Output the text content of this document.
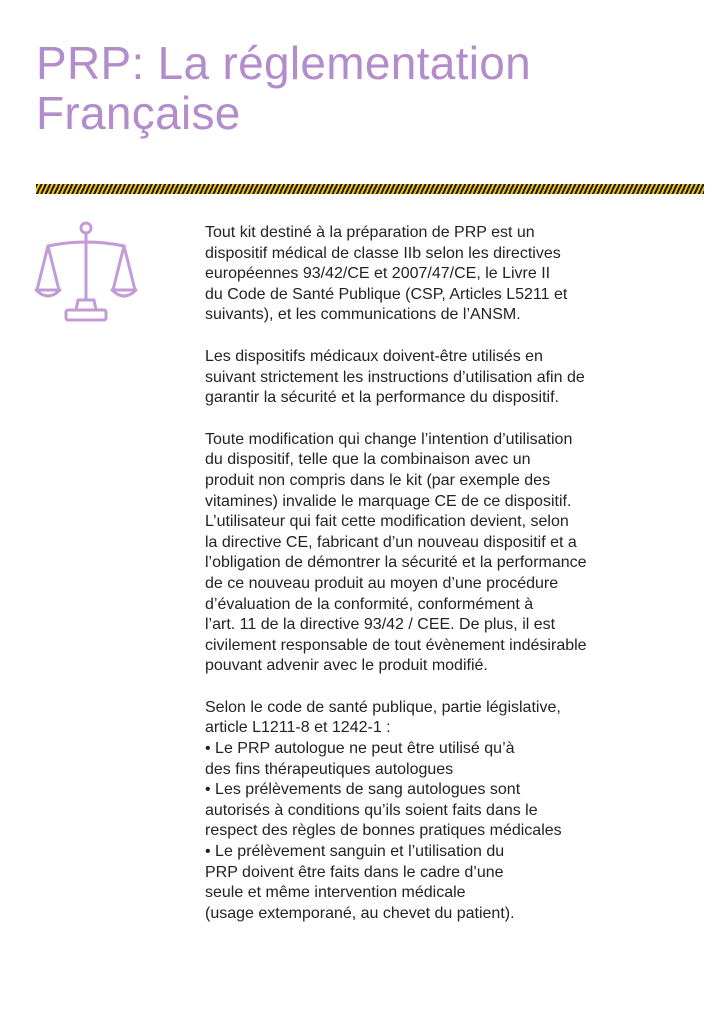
PRP: La réglementation
Française

Tout kit destiné à la préparation de PRP est un
dispositif médical de classe IIb selon les directives
européennes 93/42/CE et 2007/47/CE, le Livre II
du Code de Santé Publique (CSP, Articles L5211 et
suivants), et les communications de l’ANSM.

Les dispositifs médicaux doivent-être utilisés en
suivant strictement les instructions d’utilisation afin de
garantir la sécurité et la performance du dispositif.

Toute modification qui change l’intention d’utilisation
du dispositif, telle que la combinaison avec un
produit non compris dans le kit (par exemple des
vitamines) invalide le marquage CE de ce dispositif.
L’utilisateur qui fait cette modification devient, selon
la directive CE, fabricant d’un nouveau dispositif et a
l’obligation de démontrer la sécurité et la performance
de ce nouveau produit au moyen d’une procédure
d’évaluation de la conformité, conformément à
l’art. 11 de la directive 93/42 / CEE. De plus, il est
civilement responsable de tout évènement indésirable
pouvant advenir avec le produit modifié.

Selon le code de santé publique, partie législative,
article L1211-8 et 1242-1 :
• Le PRP autologue ne peut être utilisé qu’à
des fins thérapeutiques autologues
• Les prélèvements de sang autologues sont
autorisés à conditions qu’ils soient faits dans le
respect des règles de bonnes pratiques médicales
• Le prélèvement sanguin et l’utilisation du
PRP doivent être faits dans le cadre d’une
seule et même intervention médicale
(usage extemporané, au chevet du patient).
